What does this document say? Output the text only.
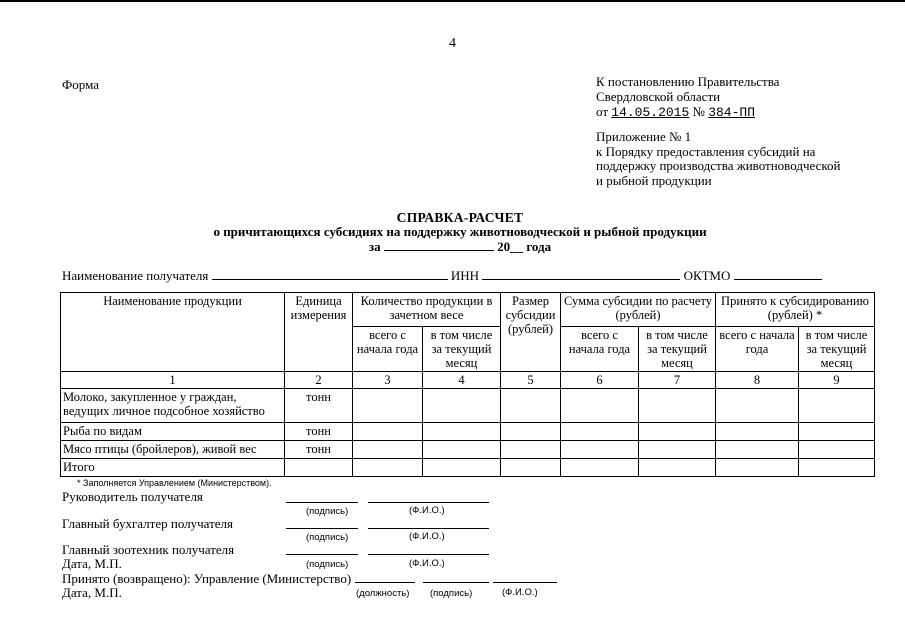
4
Форма	К постановлению Правительства
Свердловской области
от 14.05.2015 № 384-ПП
Приложение № 1
к Порядку предоставления субсидий на
поддержку производства животноводческой
и рыбной продукции
СПРАВКА-РАСЧЕТ
о причитающихся субсидиях на поддержку животноводческой и рыбной продукции
за	20__ года
Наименование получателя	ИНН	ОКТМО
Наименование продукции	Единица измерения	Количество продукции в зачетном весе		Размер субсидии (рублей)	Сумма субсидии по расчету (рублей)		Принято к субсидированию (рублей) *	
		всего с начала года	в том числе за текущий месяц		всего с начала года	в том числе за текущий месяц	всего с начала года	в том числе за текущий месяц
1	2	3	4	5	6	7	8	9
Молоко, закупленное у граждан, ведущих личное подсобное хозяйство	тонн							
Рыба по видам	тонн							
Мясо птицы (бройлеров), живой вес	тонн							
Итого								
* Заполняется Управлением (Министерством).
Руководитель получателя
(подпись)	(Ф.И.О.)
Главный бухгалтер получателя
(подпись)	(Ф.И.О.)
Главный зоотехник получателя
Дата, М.П.	(подпись)	(Ф.И.О.)
Принято (возвращено): Управление (Министерство)
Дата, М.П.	(должность) (подпись)	(Ф.И.О.)
